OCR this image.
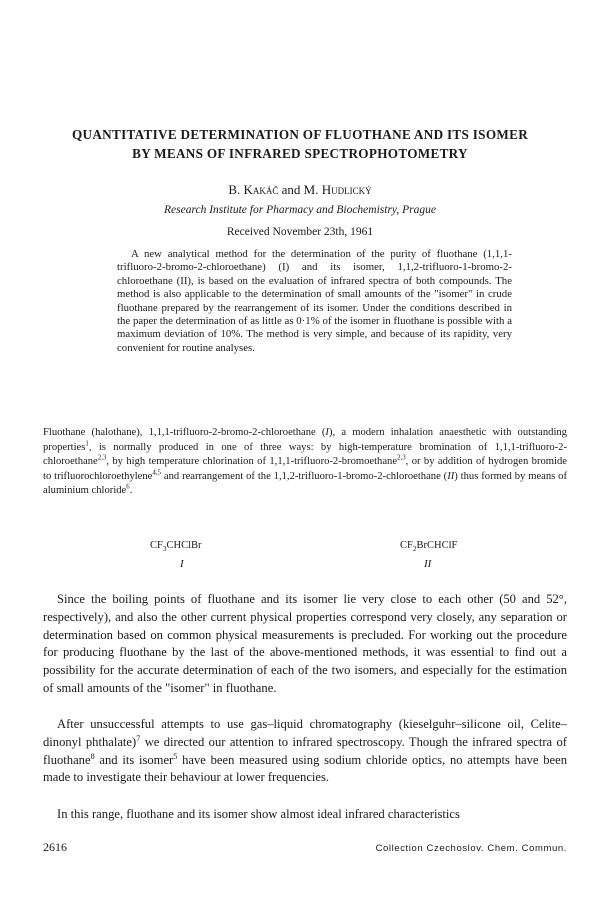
QUANTITATIVE DETERMINATION OF FLUOTHANE AND ITS ISOMER
BY MEANS OF INFRARED SPECTROPHOTOMETRY
B. Kakáč and M. Hudlický
Research Institute for Pharmacy and Biochemistry, Prague
Received November 23th, 1961

A new analytical method for the determination of the purity of fluothane (1,1,1-trifluoro-2-bromo-2-chloroethane) (I) and its isomer, 1,1,2-trifluoro-1-bromo-2-chloroethane (II), is based on the evaluation of infrared spectra of both compounds. The method is also applicable to the determination of small amounts of the "isomer" in crude fluothane prepared by the rearrangement of its isomer. Under the conditions described in the paper the determination of as little as 0·1% of the isomer in fluothane is possible with a maximum deviation of 10%. The method is very simple, and because of its rapidity, very convenient for routine analyses.

Fluothane (halothane), 1,1,1-trifluoro-2-bromo-2-chloroethane (I), a modern inhalation anaesthetic with outstanding properties$^1$, is normally produced in one of three ways: by high-temperature bromination of 1,1,1-trifluoro-2-chloroethane$^{2,3}$, by high temperature chlorination of 1,1,1-trifluoro-2-bromoethane$^{2,3}$, or by addition of hydrogen bromide to trifluorochloroethylene$^{4,5}$ and rearrangement of the 1,1,2-trifluoro-1-bromo-2-chloroethane (II) thus formed by means of aluminium chloride$^6$.

$CF_3CHClBr$
I
$CF_2BrCHClF$
II

Since the boiling points of fluothane and its isomer lie very close to each other (50 and 52°, respectively), and also the other current physical properties correspond very closely, any separation or determination based on common physical measurements is precluded. For working out the procedure for producing fluothane by the last of the above-mentioned methods, it was essential to find out a possibility for the accurate determination of each of the two isomers, and especially for the estimation of small amounts of the "isomer" in fluothane.

After unsuccessful attempts to use gas–liquid chromatography (kieselguhr–silicone oil, Celite–dinonyl phthalate)$^7$ we directed our attention to infrared spectroscopy. Though the infrared spectra of fluothane$^8$ and its isomer$^5$ have been measured using sodium chloride optics, no attempts have been made to investigate their behaviour at lower frequencies.

In this range, fluothane and its isomer show almost ideal infrared characteristics

2616	Collection Czechoslov. Chem. Commun.
